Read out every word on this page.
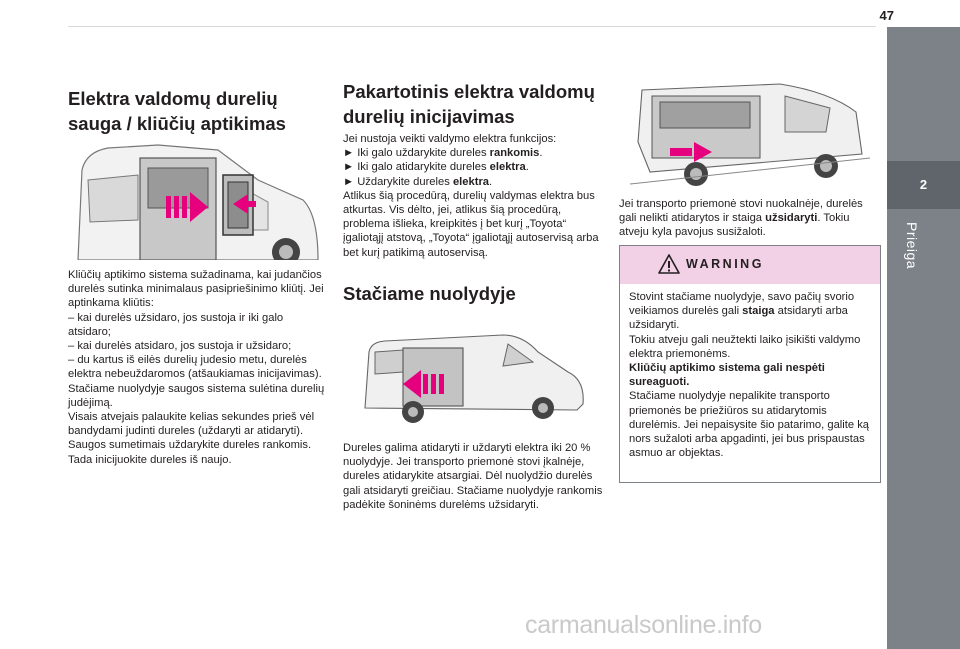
47
2
Prieiga
Elektra valdomų durelių sauga / kliūčių aptikimas

Kliūčių aptikimo sistema sužadinama, kai judančios durelės sutinka minimalaus pasipriešinimo kliūtį. Jei aptinkama kliūtis:

– kai durelės užsidaro, jos sustoja ir iki galo atsidaro;

– kai durelės atsidaro, jos sustoja ir užsidaro;

– du kartus iš eilės durelių judesio metu, durelės elektra nebeuždaromos (atšaukiamas inicijavimas).

Stačiame nuolydyje saugos sistema sulėtina durelių judėjimą.

Visais atvejais palaukite kelias sekundes prieš vėl bandydami judinti dureles (uždaryti ar atidaryti).

Saugos sumetimais uždarykite dureles rankomis. Tada inicijuokite dureles iš naujo.

Pakartotinis elektra valdomų durelių inicijavimas

Jei nustoja veikti valdymo elektra funkcijos:

► Iki galo uždarykite dureles rankomis.

► Iki galo atidarykite dureles elektra.

► Uždarykite dureles elektra.

Atlikus šią procedūrą, durelių valdymas elektra bus atkurtas. Vis dėlto, jei, atlikus šią procedūrą, problema išlieka, kreipkitės į bet kurį „Toyota“ įgaliotąjį atstovą, „Toyota“ įgaliotąjį autoservisą arba bet kurį patikimą autoservisą.

Stačiame nuolydyje

Dureles galima atidaryti ir uždaryti elektra iki 20 % nuolydyje. Jei transporto priemonė stovi įkalnėje, dureles atidarykite atsargiai. Dėl nuolydžio durelės gali atsidaryti greičiau. Stačiame nuolydyje rankomis padėkite šoninėms durelėms užsidaryti.

Jei transporto priemonė stovi nuokalnėje, durelės gali nelikti atidarytos ir staiga užsidaryti. Tokiu atveju kyla pavojus susižaloti.

WARNING

Stovint stačiame nuolydyje, savo pačių svorio veikiamos durelės gali staiga atsidaryti arba užsidaryti.

Tokiu atveju gali neužtekti laiko įsikišti valdymo elektra priemonėms.

Kliūčių aptikimo sistema gali nespėti sureaguoti.

Stačiame nuolydyje nepalikite transporto priemonės be priežiūros su atidarytomis durelėmis. Jei nepaisysite šio patarimo, galite ką nors sužaloti arba apgadinti, jei bus prispaustas asmuo ar objektas.

carmanualsonline.info
